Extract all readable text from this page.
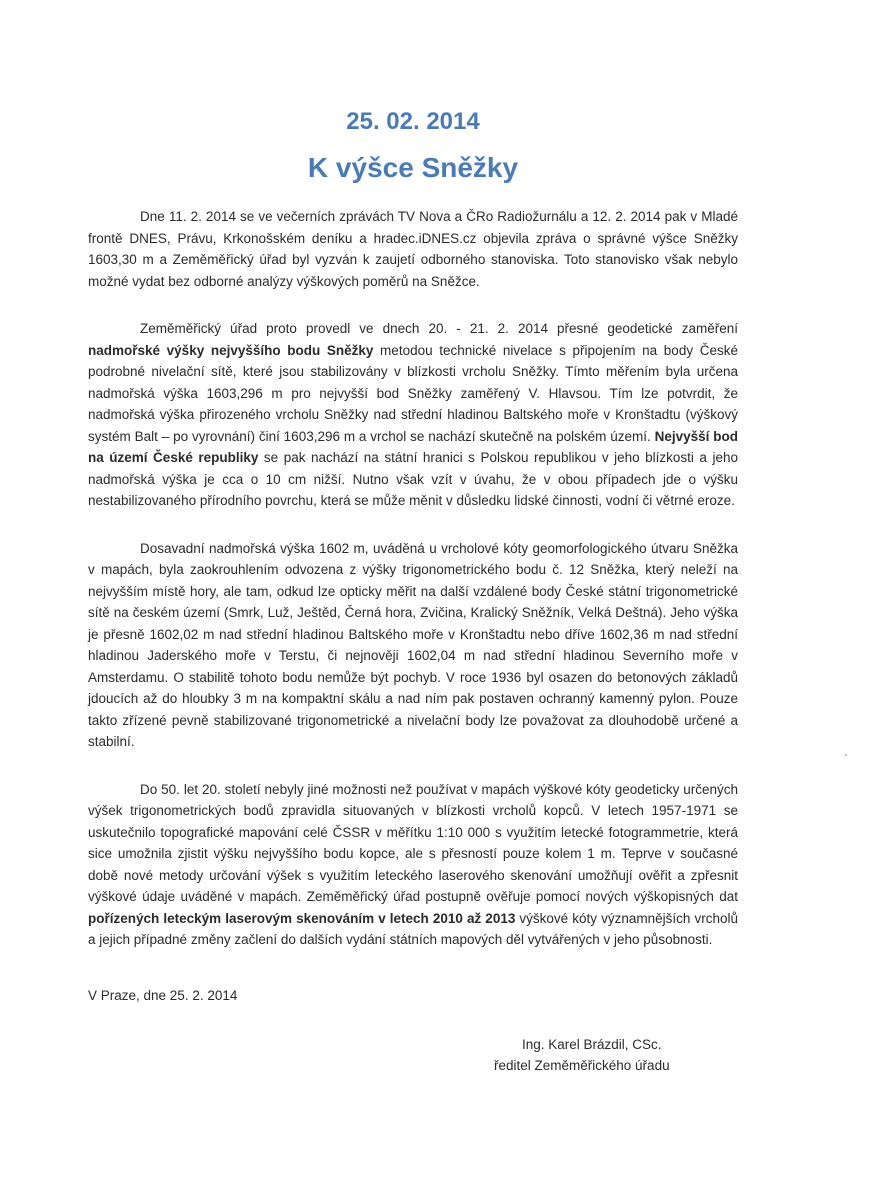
25. 02. 2014
K výšce Sněžky

Dne 11. 2. 2014 se ve večerních zprávách TV Nova a ČRo Radiožurnálu a 12. 2. 2014 pak v Mladé frontě DNES, Právu, Krkonošském deníku a hradec.iDNES.cz objevila zpráva o správné výšce Sněžky 1603,30 m a Zeměměřický úřad byl vyzván k zaujetí odborného stanoviska. Toto stanovisko však nebylo možné vydat bez odborné analýzy výškových poměrů na Sněžce.

Zeměměřický úřad proto provedl ve dnech 20. - 21. 2. 2014 přesné geodetické zaměření nadmořské výšky nejvyššího bodu Sněžky metodou technické nivelace s připojením na body České podrobné nivelační sítě, které jsou stabilizovány v blízkosti vrcholu Sněžky. Tímto měřením byla určena nadmořská výška 1603,296 m pro nejvyšší bod Sněžky zaměřený V. Hlavsou. Tím lze potvrdit, že nadmořská výška přirozeného vrcholu Sněžky nad střední hladinou Baltského moře v Kronštadtu (výškový systém Balt – po vyrovnání) činí 1603,296 m a vrchol se nachází skutečně na polském území. Nejvyšší bod na území České republiky se pak nachází na státní hranici s Polskou republikou v jeho blízkosti a jeho nadmořská výška je cca o 10 cm nižší. Nutno však vzít v úvahu, že v obou případech jde o výšku nestabilizovaného přírodního povrchu, která se může měnit v důsledku lidské činnosti, vodní či větrné eroze.

Dosavadní nadmořská výška 1602 m, uváděná u vrcholové kóty geomorfologického útvaru Sněžka v mapách, byla zaokrouhlením odvozena z výšky trigonometrického bodu č. 12 Sněžka, který neleží na nejvyšším místě hory, ale tam, odkud lze opticky měřit na další vzdálené body České státní trigonometrické sítě na českém území (Smrk, Luž, Ještěd, Černá hora, Zvičina, Kralický Sněžník, Velká Deštná). Jeho výška je přesně 1602,02 m nad střední hladinou Baltského moře v Kronštadtu nebo dříve 1602,36 m nad střední hladinou Jaderského moře v Terstu, či nejnověji 1602,04 m nad střední hladinou Severního moře v Amsterdamu. O stabilitě tohoto bodu nemůže být pochyb. V roce 1936 byl osazen do betonových základů jdoucích až do hloubky 3 m na kompaktní skálu a nad ním pak postaven ochranný kamenný pylon. Pouze takto zřízené pevně stabilizované trigonometrické a nivelační body lze považovat za dlouhodobě určené a stabilní.

Do 50. let 20. století nebyly jiné možnosti než používat v mapách výškové kóty geodeticky určených výšek trigonometrických bodů zpravidla situovaných v blízkosti vrcholů kopců. V letech 1957-1971 se uskutečnilo topografické mapování celé ČSSR v měřítku 1:10 000 s využitím letecké fotogrammetrie, která sice umožnila zjistit výšku nejvyššího bodu kopce, ale s přesností pouze kolem 1 m. Teprve v současné době nové metody určování výšek s využitím leteckého laserového skenování umožňují ověřit a zpřesnit výškové údaje uváděné v mapách. Zeměměřický úřad postupně ověřuje pomocí nových výškopisných dat pořízených leteckým laserovým skenováním v letech 2010 až 2013 výškové kóty významnějších vrcholů a jejich případné změny začlení do dalších vydání státních mapových děl vytvářených v jeho působnosti.

V Praze, dne 25. 2. 2014
Ing. Karel Brázdil, CSc.
ředitel Zeměměřického úřadu
